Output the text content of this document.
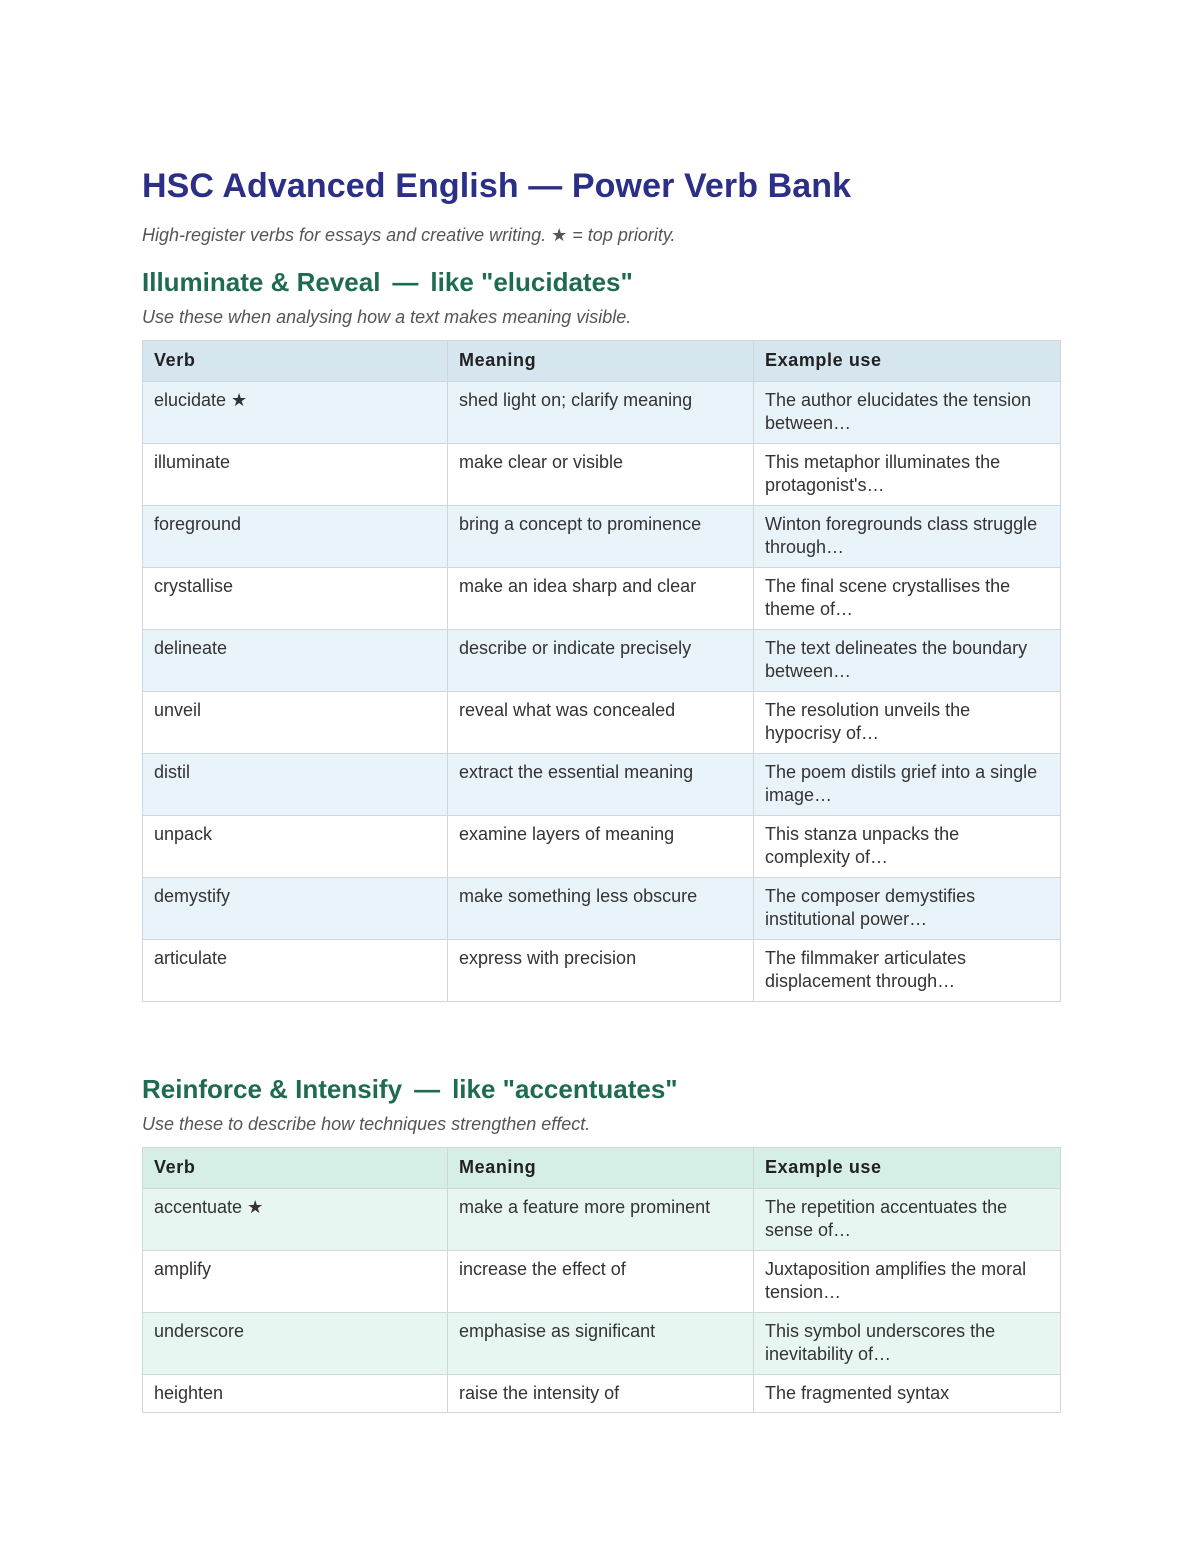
HSC Advanced English — Power Verb Bank

High-register verbs for essays and creative writing. ★ = top priority.

Illuminate & Reveal — like "elucidates"

Use these when analysing how a text makes meaning visible.

Verb	Meaning	Example use
elucidate ★	shed light on; clarify meaning	The author elucidates the tension between…
illuminate	make clear or visible	This metaphor illuminates the protagonist's…
foreground	bring a concept to prominence	Winton foregrounds class struggle through…
crystallise	make an idea sharp and clear	The final scene crystallises the theme of…
delineate	describe or indicate precisely	The text delineates the boundary between…
unveil	reveal what was concealed	The resolution unveils the hypocrisy of…
distil	extract the essential meaning	The poem distils grief into a single image…
unpack	examine layers of meaning	This stanza unpacks the complexity of…
demystify	make something less obscure	The composer demystifies institutional power…
articulate	express with precision	The filmmaker articulates displacement through…
Reinforce & Intensify — like "accentuates"

Use these to describe how techniques strengthen effect.

Verb	Meaning	Example use
accentuate ★	make a feature more prominent	The repetition accentuates the sense of…
amplify	increase the effect of	Juxtaposition amplifies the moral tension…
underscore	emphasise as significant	This symbol underscores the inevitability of…
heighten	raise the intensity of	The fragmented syntax
